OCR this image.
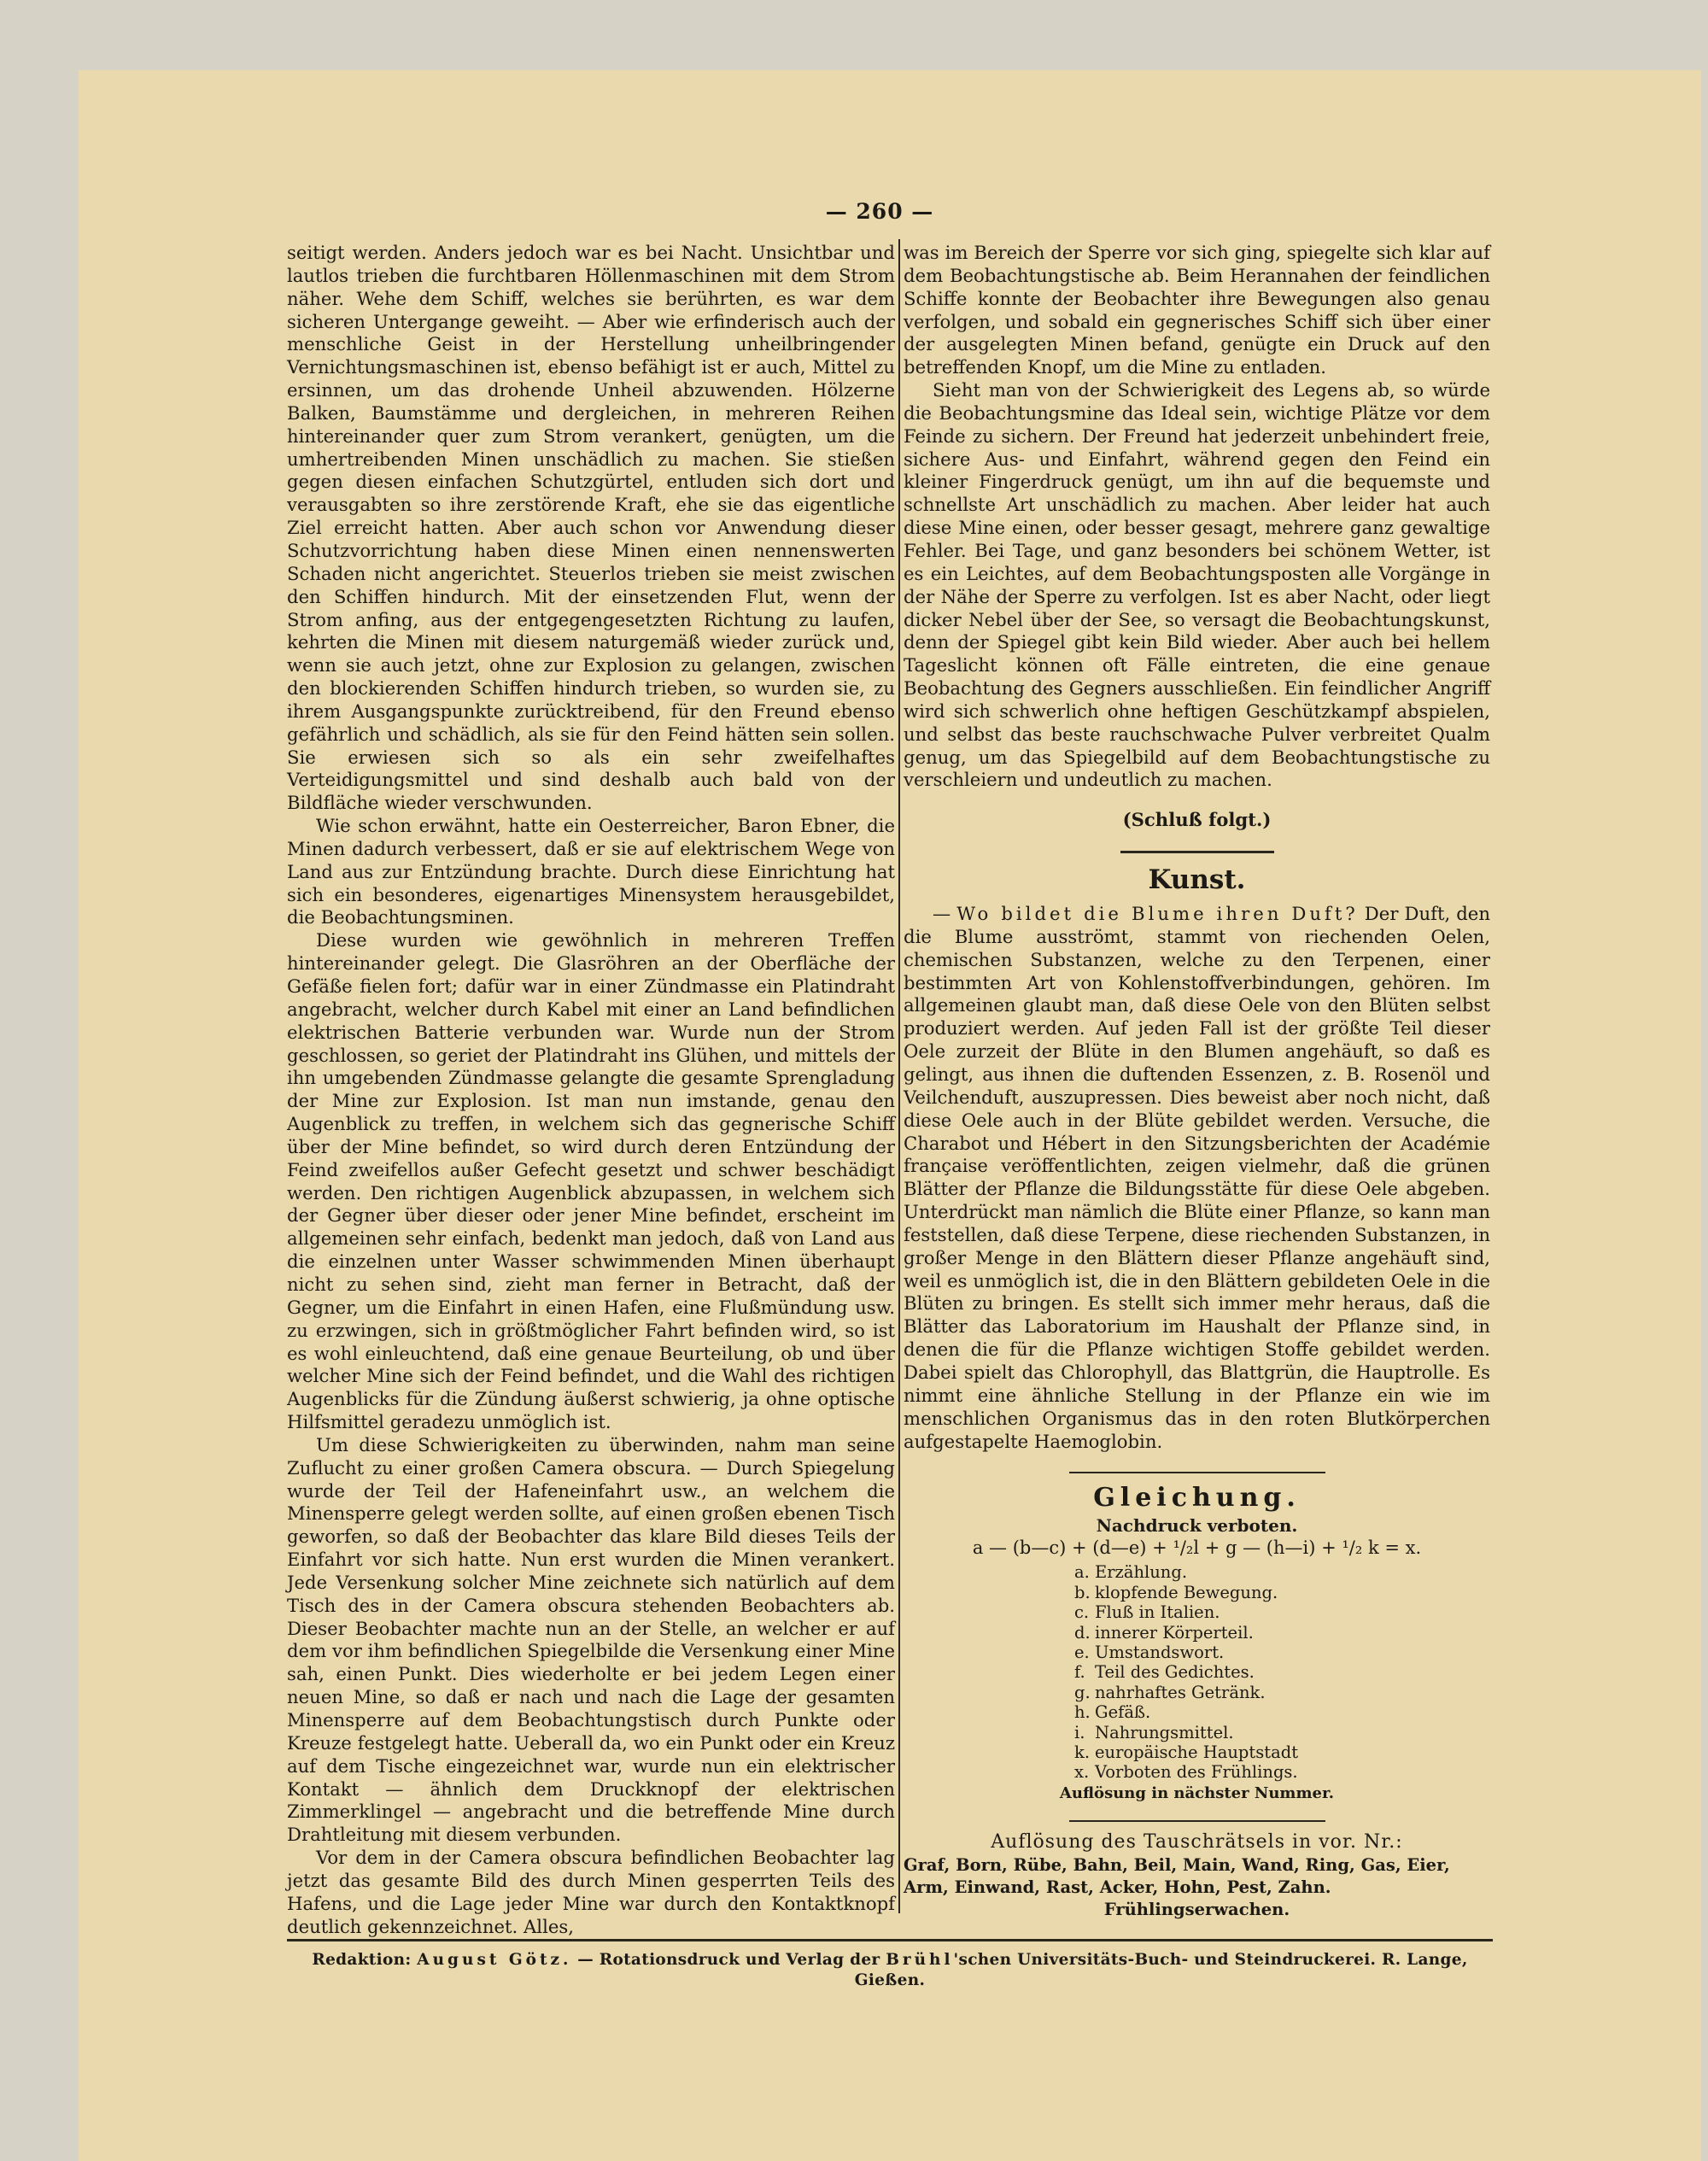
— 260 —

seitigt werden. Anders jedoch war es bei Nacht. Unsichtbar und lautlos trieben die furchtbaren Höllenmaschinen mit dem Strom näher. Wehe dem Schiff, welches sie berührten, es war dem sicheren Untergange geweiht. — Aber wie erfinderisch auch der menschliche Geist in der Herstellung unheilbringender Vernichtungsmaschinen ist, ebenso befähigt ist er auch, Mittel zu ersinnen, um das drohende Unheil abzuwenden. Hölzerne Balken, Baumstämme und dergleichen, in mehreren Reihen hintereinander quer zum Strom verankert, genügten, um die umhertreibenden Minen unschädlich zu machen. Sie stießen gegen diesen einfachen Schutzgürtel, entluden sich dort und verausgabten so ihre zerstörende Kraft, ehe sie das eigentliche Ziel erreicht hatten. Aber auch schon vor Anwendung dieser Schutzvorrichtung haben diese Minen einen nennenswerten Schaden nicht angerichtet. Steuerlos trieben sie meist zwischen den Schiffen hindurch. Mit der einsetzenden Flut, wenn der Strom anfing, aus der entgegengesetzten Richtung zu laufen, kehrten die Minen mit diesem naturgemäß wieder zurück und, wenn sie auch jetzt, ohne zur Explosion zu gelangen, zwischen den blockierenden Schiffen hindurch trieben, so wurden sie, zu ihrem Ausgangspunkte zurücktreibend, für den Freund ebenso gefährlich und schädlich, als sie für den Feind hätten sein sollen. Sie erwiesen sich so als ein sehr zweifelhaftes Verteidigungsmittel und sind deshalb auch bald von der Bildfläche wieder verschwunden.

Wie schon erwähnt, hatte ein Oesterreicher, Baron Ebner, die Minen dadurch verbessert, daß er sie auf elektrischem Wege von Land aus zur Entzündung brachte. Durch diese Einrichtung hat sich ein besonderes, eigenartiges Minensystem herausgebildet, die Beobachtungsminen.

Diese wurden wie gewöhnlich in mehreren Treffen hintereinander gelegt. Die Glasröhren an der Oberfläche der Gefäße fielen fort; dafür war in einer Zündmasse ein Platindraht angebracht, welcher durch Kabel mit einer an Land befindlichen elektrischen Batterie verbunden war. Wurde nun der Strom geschlossen, so geriet der Platindraht ins Glühen, und mittels der ihn umgebenden Zündmasse gelangte die gesamte Sprengladung der Mine zur Explosion. Ist man nun imstande, genau den Augenblick zu treffen, in welchem sich das gegnerische Schiff über der Mine befindet, so wird durch deren Entzündung der Feind zweifellos außer Gefecht gesetzt und schwer beschädigt werden. Den richtigen Augenblick abzupassen, in welchem sich der Gegner über dieser oder jener Mine befindet, erscheint im allgemeinen sehr einfach, bedenkt man jedoch, daß von Land aus die einzelnen unter Wasser schwimmenden Minen überhaupt nicht zu sehen sind, zieht man ferner in Betracht, daß der Gegner, um die Einfahrt in einen Hafen, eine Flußmündung usw. zu erzwingen, sich in größtmöglicher Fahrt befinden wird, so ist es wohl einleuchtend, daß eine genaue Beurteilung, ob und über welcher Mine sich der Feind befindet, und die Wahl des richtigen Augenblicks für die Zündung äußerst schwierig, ja ohne optische Hilfsmittel geradezu unmöglich ist.

Um diese Schwierigkeiten zu überwinden, nahm man seine Zuflucht zu einer großen Camera obscura. — Durch Spiegelung wurde der Teil der Hafeneinfahrt usw., an welchem die Minensperre gelegt werden sollte, auf einen großen ebenen Tisch geworfen, so daß der Beobachter das klare Bild dieses Teils der Einfahrt vor sich hatte. Nun erst wurden die Minen verankert. Jede Versenkung solcher Mine zeichnete sich natürlich auf dem Tisch des in der Camera obscura stehenden Beobachters ab. Dieser Beobachter machte nun an der Stelle, an welcher er auf dem vor ihm befindlichen Spiegelbilde die Versenkung einer Mine sah, einen Punkt. Dies wiederholte er bei jedem Legen einer neuen Mine, so daß er nach und nach die Lage der gesamten Minensperre auf dem Beobachtungstisch durch Punkte oder Kreuze festgelegt hatte. Ueberall da, wo ein Punkt oder ein Kreuz auf dem Tische eingezeichnet war, wurde nun ein elektrischer Kontakt — ähnlich dem Druckknopf der elektrischen Zimmerklingel — angebracht und die betreffende Mine durch Drahtleitung mit diesem verbunden.

Vor dem in der Camera obscura befindlichen Beobachter lag jetzt das gesamte Bild des durch Minen gesperrten Teils des Hafens, und die Lage jeder Mine war durch den Kontaktknopf deutlich gekennzeichnet. Alles,

was im Bereich der Sperre vor sich ging, spiegelte sich klar auf dem Beobachtungstische ab. Beim Herannahen der feindlichen Schiffe konnte der Beobachter ihre Bewegungen also genau verfolgen, und sobald ein gegnerisches Schiff sich über einer der ausgelegten Minen befand, genügte ein Druck auf den betreffenden Knopf, um die Mine zu entladen.

Sieht man von der Schwierigkeit des Legens ab, so würde die Beobachtungsmine das Ideal sein, wichtige Plätze vor dem Feinde zu sichern. Der Freund hat jederzeit unbehindert freie, sichere Aus- und Einfahrt, während gegen den Feind ein kleiner Fingerdruck genügt, um ihn auf die bequemste und schnellste Art unschädlich zu machen. Aber leider hat auch diese Mine einen, oder besser gesagt, mehrere ganz gewaltige Fehler. Bei Tage, und ganz besonders bei schönem Wetter, ist es ein Leichtes, auf dem Beobachtungsposten alle Vorgänge in der Nähe der Sperre zu verfolgen. Ist es aber Nacht, oder liegt dicker Nebel über der See, so versagt die Beobachtungskunst, denn der Spiegel gibt kein Bild wieder. Aber auch bei hellem Tageslicht können oft Fälle eintreten, die eine genaue Beobachtung des Gegners ausschließen. Ein feindlicher Angriff wird sich schwerlich ohne heftigen Geschützkampf abspielen, und selbst das beste rauchschwache Pulver verbreitet Qualm genug, um das Spiegelbild auf dem Beobachtungstische zu verschleiern und undeutlich zu machen.

(Schluß folgt.)

Kunst.

— Wo bildet die Blume ihren Duft? Der Duft, den die Blume ausströmt, stammt von riechenden Oelen, chemischen Substanzen, welche zu den Terpenen, einer bestimmten Art von Kohlenstoffverbindungen, gehören. Im allgemeinen glaubt man, daß diese Oele von den Blüten selbst produziert werden. Auf jeden Fall ist der größte Teil dieser Oele zurzeit der Blüte in den Blumen angehäuft, so daß es gelingt, aus ihnen die duftenden Essenzen, z. B. Rosenöl und Veilchenduft, auszupressen. Dies beweist aber noch nicht, daß diese Oele auch in der Blüte gebildet werden. Versuche, die Charabot und Hébert in den Sitzungsberichten der Académie française veröffentlichten, zeigen vielmehr, daß die grünen Blätter der Pflanze die Bildungsstätte für diese Oele abgeben. Unterdrückt man nämlich die Blüte einer Pflanze, so kann man feststellen, daß diese Terpene, diese riechenden Substanzen, in großer Menge in den Blättern dieser Pflanze angehäuft sind, weil es unmöglich ist, die in den Blättern gebildeten Oele in die Blüten zu bringen. Es stellt sich immer mehr heraus, daß die Blätter das Laboratorium im Haushalt der Pflanze sind, in denen die für die Pflanze wichtigen Stoffe gebildet werden. Dabei spielt das Chlorophyll, das Blattgrün, die Hauptrolle. Es nimmt eine ähnliche Stellung in der Pflanze ein wie im menschlichen Organismus das in den roten Blutkörperchen aufgestapelte Haemoglobin.

Gleichung.

Nachdruck verboten.

a — (b—c) + (d—e) + ¹/₂l + g — (h—i) + ¹/₂ k = x.

a. Erzählung.
b. klopfende Bewegung.
c. Fluß in Italien.
d. innerer Körperteil.
e. Umstandswort.
f. Teil des Gedichtes.
g. nahrhaftes Getränk.
h. Gefäß.
i. Nahrungsmittel.
k. europäische Hauptstadt
x. Vorboten des Frühlings.

Auflösung in nächster Nummer.

Auflösung des Tauschrätsels in vor. Nr.:

Graf, Born, Rübe, Bahn, Beil, Main, Wand, Ring, Gas, Eier, Arm, Einwand, Rast, Acker, Hohn, Pest, Zahn.

Frühlingserwachen.

Redaktion: August Götz. — Rotationsdruck und Verlag der Brühl'schen Universitäts-Buch- und Steindruckerei. R. Lange, Gießen.
